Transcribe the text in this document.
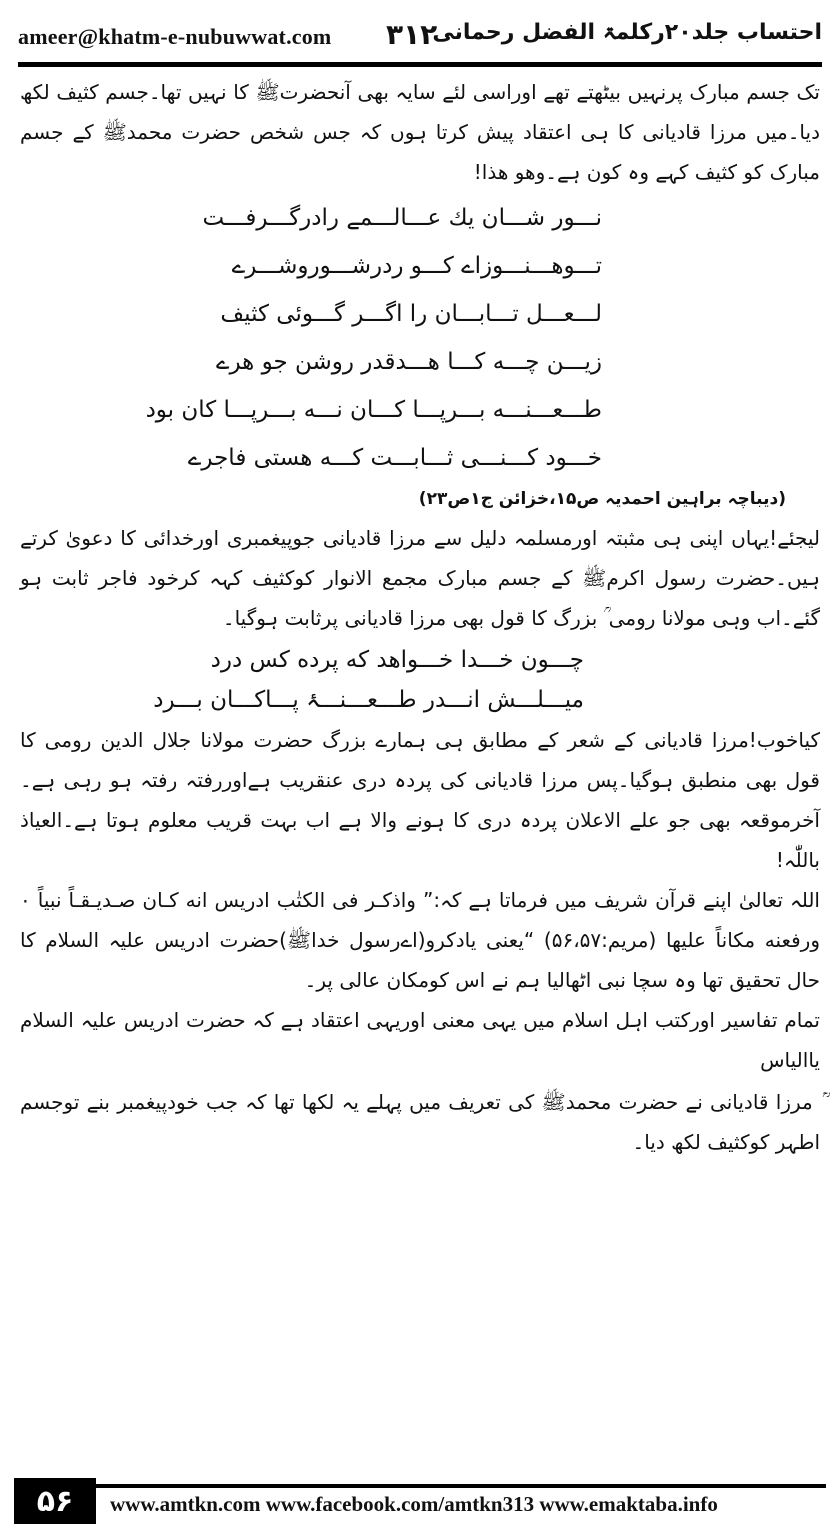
ameer@khatm-e-nubuwwat.com ۳۱۲
احتساب جلد۲۰رکلمۃ الفضل رحمانی

تک جسم مبارک پرنہیں بیٹھتے تھے اوراسی لئے سایہ بھی آنحضرتﷺ کا نہیں تھا۔جسم کثیف لکھ دیا۔میں مرزا قادیانی کا ہی اعتقاد پیش کرتا ہوں کہ جس شخص حضرت محمدﷺ کے جسم مبارک کو کثیف کہے وہ کون ہے۔وھو ھذا!

نـــور شـــان یك عـــالـــمے رادرگـــرفـــت
تـــوهـــنـــوزاے کـــو ردرشـــوروشـــرے
لـــعـــل تـــابـــان را اگـــر گـــوئی کثیف
زیـــن چـــه کـــا هـــدقدر روشن جو هرے
طـــعـــنـــه بـــرپـــا کـــان نـــه بـــرپـــا کان بود
خـــود کـــنـــی ثـــابـــت کـــه هستی فاجرے
(دیباچہ براہین احمدیہ ص۱۵،خزائن ج۱ص۲۳)

لیجئے!یہاں اپنی ہی مثبتہ اورمسلمہ دلیل سے مرزا قادیانی جوپیغمبری اورخدائی کا دعویٰ کرتے ہیں۔حضرت رسول اکرمﷺ کے جسم مبارک مجمع الانوار کوکثیف کہہ کرخود فاجر ثابت ہو گئے۔اب وہی مولانا رومی ؒ بزرگ کا قول بھی مرزا قادیانی پرثابت ہوگیا۔

چـــون خـــدا خـــواهد که پرده کس درد
میـــلـــش انـــدر طـــعـــنـــۂ پـــاکـــان بـــرد

کیاخوب!مرزا قادیانی کے شعر کے مطابق ہی ہمارے بزرگ حضرت مولانا جلال الدین رومی کا قول بھی منطبق ہوگیا۔پس مرزا قادیانی کی پردہ دری عنقریب ہےاوررفتہ رفتہ ہو رہی ہے۔آخرموقعہ بھی جو علے الاعلان پردہ دری کا ہونے والا ہے اب بہت قریب معلوم ہوتا ہے۔العیاذ باللّٰہ!

اللہ تعالیٰ اپنے قرآن شریف میں فرماتا ہے کہ:” واذکـر فی الکتٰب ادریس انه کـان صـدیـقـاً نبیاً ۰ ورفعنه مکاناً علیها (مریم:۵۶،۵۷) “یعنی یادکرو(اےرسول خداﷺ)حضرت ادریس علیہ السلام کا حال تحقیق تھا وہ سچا نبی اٹھالیا ہم نے اس کومکان عالی پر۔

تمام تفاسیر اورکتب اہل اسلام میں یہی معنی اوریہی اعتقاد ہے کہ حضرت ادریس علیہ السلام یاالیاس

ؒ مرزا قادیانی نے حضرت محمدﷺ کی تعریف میں پہلے یہ لکھا تھا کہ جب خودپیغمبر بنے توجسم اطہر کوکثیف لکھ دیا۔

۵۶	www.amtkn.com www.facebook.com/amtkn313 www.emaktaba.info
